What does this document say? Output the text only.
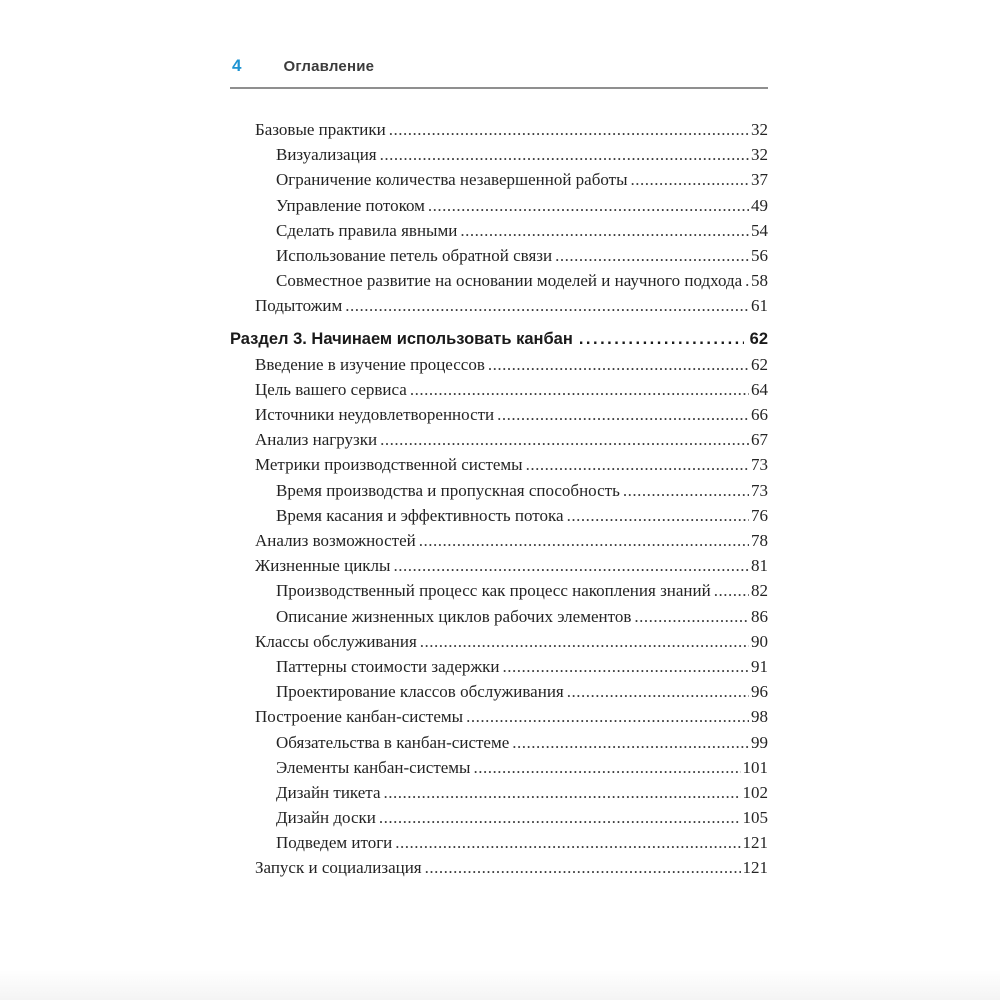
4	Оглавление
Базовые практики .....	32
Визуализация .....	32
Ограничение количества незавершенной работы .....	37
Управление потоком .....	49
Сделать правила явными .....	54
Использование петель обратной связи .....	56
Совместное развитие на основании моделей и научного подхода ..... 58
Подытожим .....	61
Раздел 3. Начинаем использовать канбан .....	62
Введение в изучение процессов .....	62
Цель вашего сервиса .....	64
Источники неудовлетворенности .....	66
Анализ нагрузки .....	67
Метрики производственной системы .....	73
Время производства и пропускная способность .....	73
Время касания и эффективность потока .....	76
Анализ возможностей .....	78
Жизненные циклы .....	81
Производственный процесс как процесс накопления знаний ..... 82
Описание жизненных циклов рабочих элементов .....	86
Классы обслуживания .....	90
Паттерны стоимости задержки .....	91
Проектирование классов обслуживания .....	96
Построение канбан-системы .....	98
Обязательства в канбан-системе .....	99
Элементы канбан-системы .....	101
Дизайн тикета .....	102
Дизайн доски .....	105
Подведем итоги .....	121
Запуск и социализация .....	121
